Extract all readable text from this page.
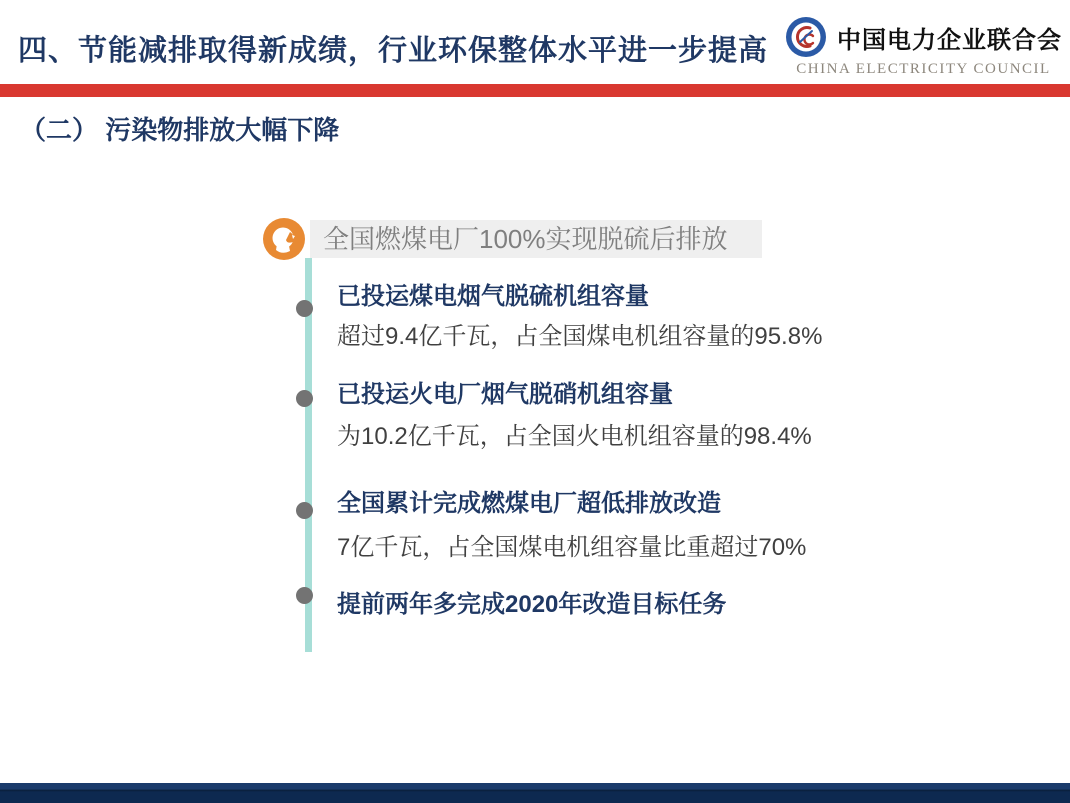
四、节能减排取得新成绩，行业环保整体水平进一步提高	中国电力企业联合会
CHINA ELECTRICITY COUNCIL
（二） 污染物排放大幅下降
全国燃煤电厂100%实现脱硫后排放
已投运煤电烟气脱硫机组容量
超过9.4亿千瓦，占全国煤电机组容量的95.8%
已投运火电厂烟气脱硝机组容量
为10.2亿千瓦，占全国火电机组容量的98.4%
全国累计完成燃煤电厂超低排放改造
7亿千瓦，占全国煤电机组容量比重超过70%
提前两年多完成2020年改造目标任务
